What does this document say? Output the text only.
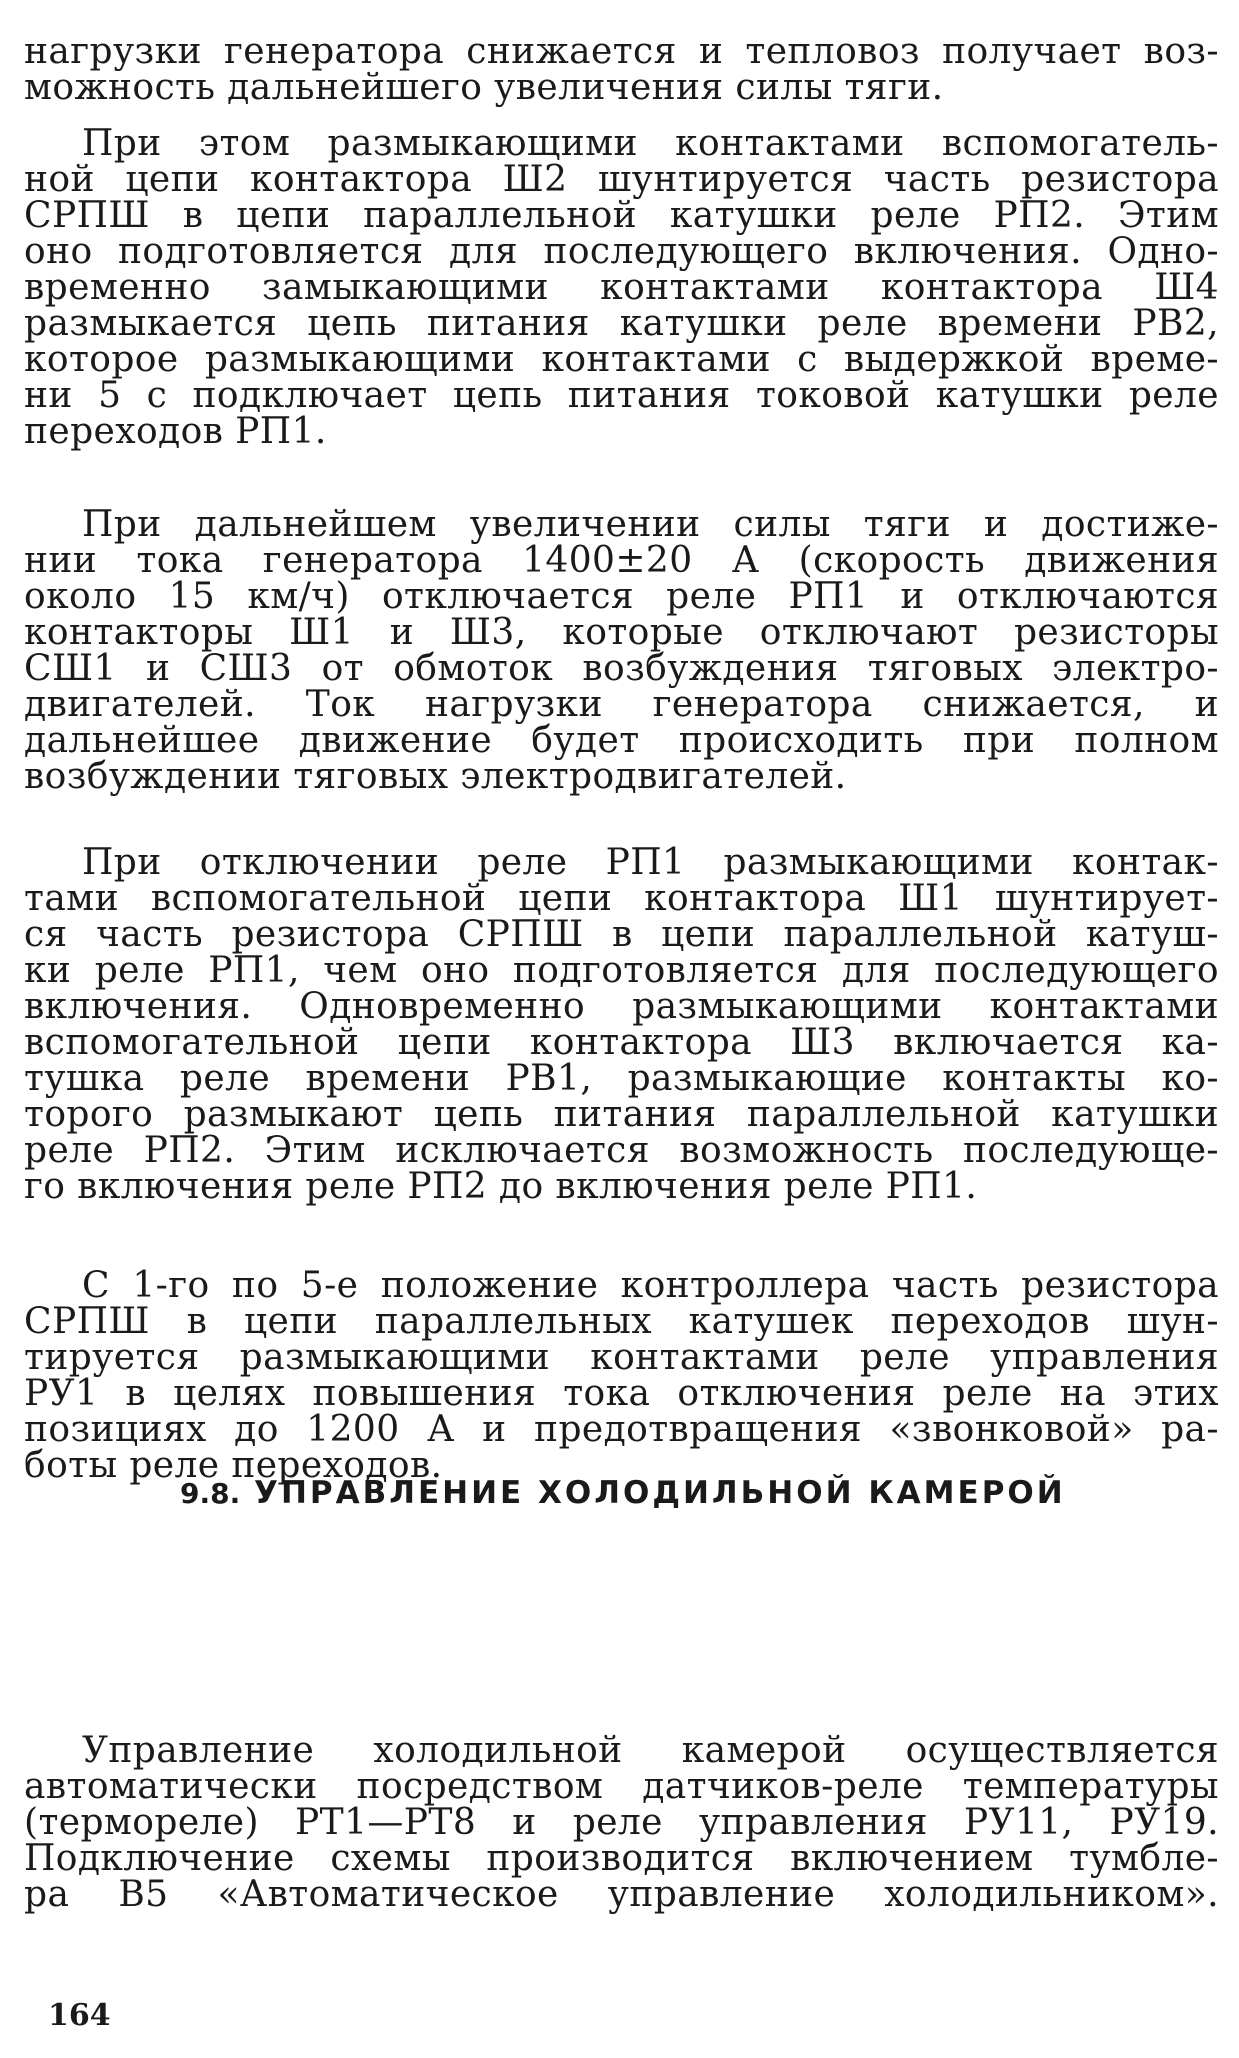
нагрузки генератора снижается и тепловоз получает воз-
можность дальнейшего увеличения силы тяги.
При этом размыкающими контактами вспомогатель-
ной цепи контактора Ш2 шунтируется часть резистора
СРПШ в цепи параллельной катушки реле РП2. Этим
оно подготовляется для последующего включения. Одно-
временно замыкающими контактами контактора Ш4
размыкается цепь питания катушки реле времени РВ2,
которое размыкающими контактами с выдержкой време-
ни 5 с подключает цепь питания токовой катушки реле
переходов РП1.
При дальнейшем увеличении силы тяги и достиже-
нии тока генератора 1400±20 А (скорость движения
около 15 км/ч) отключается реле РП1 и отключаются
контакторы Ш1 и Ш3, которые отключают резисторы
СШ1 и СШ3 от обмоток возбуждения тяговых электро-
двигателей. Ток нагрузки генератора снижается, и
дальнейшее движение будет происходить при полном
возбуждении тяговых электродвигателей.
При отключении реле РП1 размыкающими контак-
тами вспомогательной цепи контактора Ш1 шунтирует-
ся часть резистора СРПШ в цепи параллельной катуш-
ки реле РП1, чем оно подготовляется для последующего
включения. Одновременно размыкающими контактами
вспомогательной цепи контактора Ш3 включается ка-
тушка реле времени РВ1, размыкающие контакты ко-
торого размыкают цепь питания параллельной катушки
реле РП2. Этим исключается возможность последующе-
го включения реле РП2 до включения реле РП1.
С 1-го по 5-е положение контроллера часть резистора
СРПШ в цепи параллельных катушек переходов шун-
тируется размыкающими контактами реле управления
РУ1 в целях повышения тока отключения реле на этих
позициях до 1200 А и предотвращения «звонковой» ра-
боты реле переходов.
9.8. УПРАВЛЕНИЕ ХОЛОДИЛЬНОЙ КАМЕРОЙ
Управление холодильной камерой осуществляется
автоматически посредством датчиков-реле температуры
(термореле) РТ1—РТ8 и реле управления РУ11, РУ19.
Подключение схемы производится включением тумбле-
ра В5 «Автоматическое управление холодильником».
164
